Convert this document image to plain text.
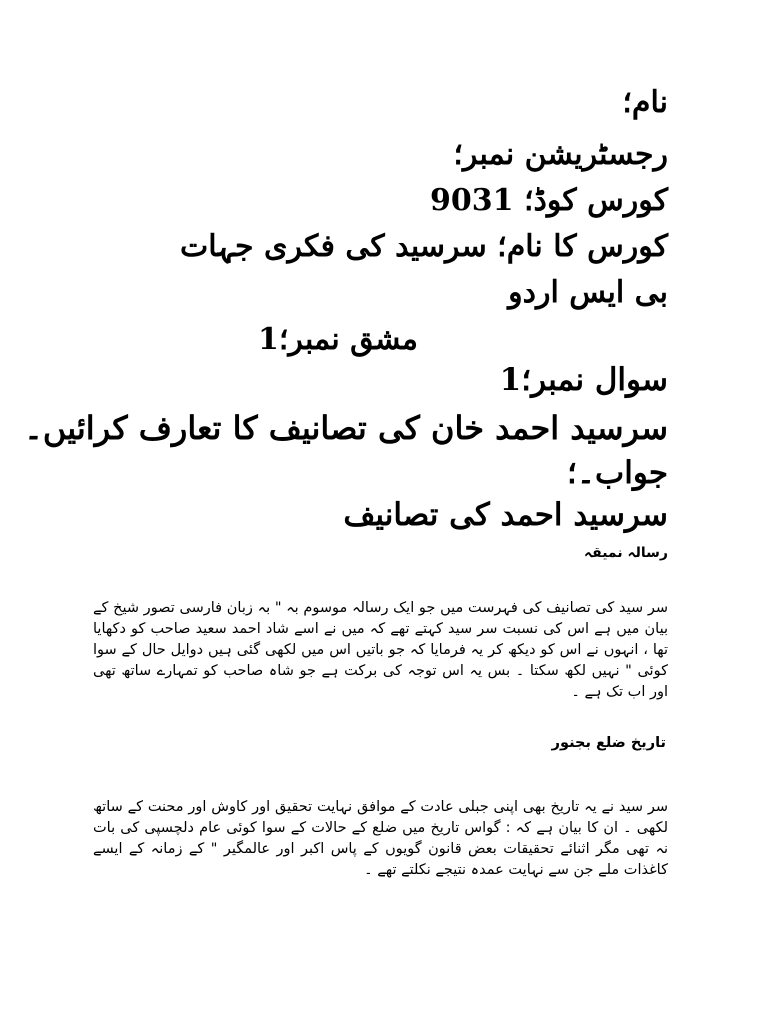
نام؛
رجسٹریشن نمبر؛
کورس کوڈ؛ 9031
کورس کا نام؛ سرسید کی فکری جہات
بی ایس اردو
مشق نمبر؛1
سوال نمبر؛1
سرسید احمد خان کی تصانیف کا تعارف کرائیں۔
جواب۔؛
سرسید احمد کی تصانیف
رسالہ نمیقہ

سر سید کی تصانیف کی فہرست میں جو ایک رسالہ موسوم بہ " بہ زبان فارسی تصور شیخ کے بیان میں ہے اس کی نسبت سر سید کہتے تھے کہ میں نے اسے شاد احمد سعید صاحب کو دکھایا تھا ، انہوں نے اس کو دیکھ کر یہ فرمایا کہ جو باتیں اس میں لکھی گئی ہیں دوایل حال کے سوا کوئی " نہیں لکھ سکتا ۔ بس یہ اس توجہ کی برکت ہے جو شاہ صاحب کو تمہارے ساتھ تھی اور اب تک ہے ۔

تاریخ ضلع بجنور

سر سید نے یہ تاریخ بھی اپنی جبلی عادت کے موافق نہایت تحقیق اور کاوش اور محنت کے ساتھ لکھی ۔ ان کا بیان ہے کہ : گواس تاریخ میں ضلع کے حالات کے سوا کوئی عام دلچسپی کی بات نہ تھی مگر اثنائے تحقیقات بعض قانون گویوں کے پاس اکبر اور عالمگیر " کے زمانہ کے ایسے کاغذات ملے جن سے نہایت عمدہ نتیجے نکلتے تھے ۔
